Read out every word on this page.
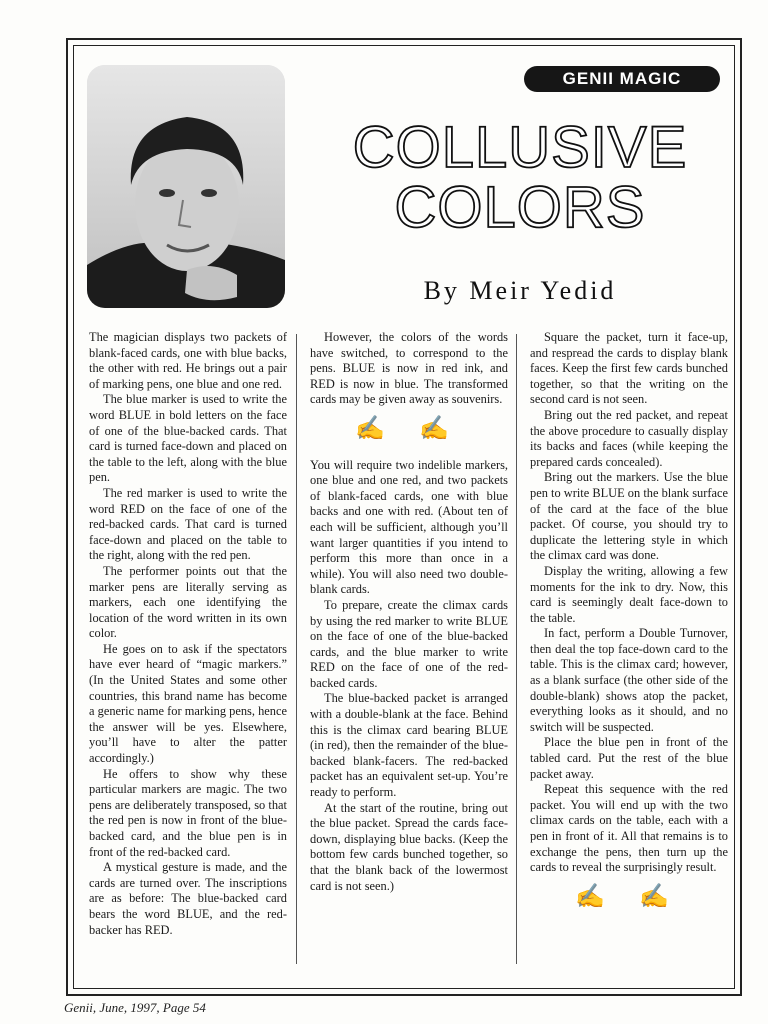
GENII MAGIC
COLLUSIVE
COLORS
By Meir Yedid

The magician displays two packets of blank-faced cards, one with blue backs, the other with red. He brings out a pair of marking pens, one blue and one red.

The blue marker is used to write the word BLUE in bold letters on the face of one of the blue-backed cards. That card is turned face-down and placed on the table to the left, along with the blue pen.

The red marker is used to write the word RED on the face of one of the red-backed cards. That card is turned face-down and placed on the table to the right, along with the red pen.

The performer points out that the marker pens are literally serving as markers, each one identifying the location of the word written in its own color.

He goes on to ask if the spectators have ever heard of “magic markers.” (In the United States and some other countries, this brand name has become a generic name for marking pens, hence the answer will be yes. Elsewhere, you’ll have to alter the patter accordingly.)

He offers to show why these particular markers are magic. The two pens are deliberately transposed, so that the red pen is now in front of the blue-backed card, and the blue pen is in front of the red-backed card.

A mystical gesture is made, and the cards are turned over. The inscriptions are as before: The blue-backed card bears the word BLUE, and the red-backer has RED.

However, the colors of the words have switched, to correspond to the pens. BLUE is now in red ink, and RED is now in blue. The transformed cards may be given away as souvenirs.

✍ ✍

You will require two indelible markers, one blue and one red, and two packets of blank-faced cards, one with blue backs and one with red. (About ten of each will be sufficient, although you’ll want larger quantities if you intend to perform this more than once in a while). You will also need two double-blank cards.

To prepare, create the climax cards by using the red marker to write BLUE on the face of one of the blue-backed cards, and the blue marker to write RED on the face of one of the red-backed cards.

The blue-backed packet is arranged with a double-blank at the face. Behind this is the climax card bearing BLUE (in red), then the remainder of the blue-backed blank-facers. The red-backed packet has an equivalent set-up. You’re ready to perform.

At the start of the routine, bring out the blue packet. Spread the cards face-down, displaying blue backs. (Keep the bottom few cards bunched together, so that the blank back of the lowermost card is not seen.)

Square the packet, turn it face-up, and respread the cards to display blank faces. Keep the first few cards bunched together, so that the writing on the second card is not seen.

Bring out the red packet, and repeat the above procedure to casually display its backs and faces (while keeping the prepared cards concealed).

Bring out the markers. Use the blue pen to write BLUE on the blank surface of the card at the face of the blue packet. Of course, you should try to duplicate the lettering style in which the climax card was done.

Display the writing, allowing a few moments for the ink to dry. Now, this card is seemingly dealt face-down to the table.

In fact, perform a Double Turnover, then deal the top face-down card to the table. This is the climax card; however, as a blank surface (the other side of the double-blank) shows atop the packet, everything looks as it should, and no switch will be suspected.

Place the blue pen in front of the tabled card. Put the rest of the blue packet away.

Repeat this sequence with the red packet. You will end up with the two climax cards on the table, each with a pen in front of it. All that remains is to exchange the pens, then turn up the cards to reveal the surprisingly result.

✍ ✍
Genii, June, 1997, Page 54
